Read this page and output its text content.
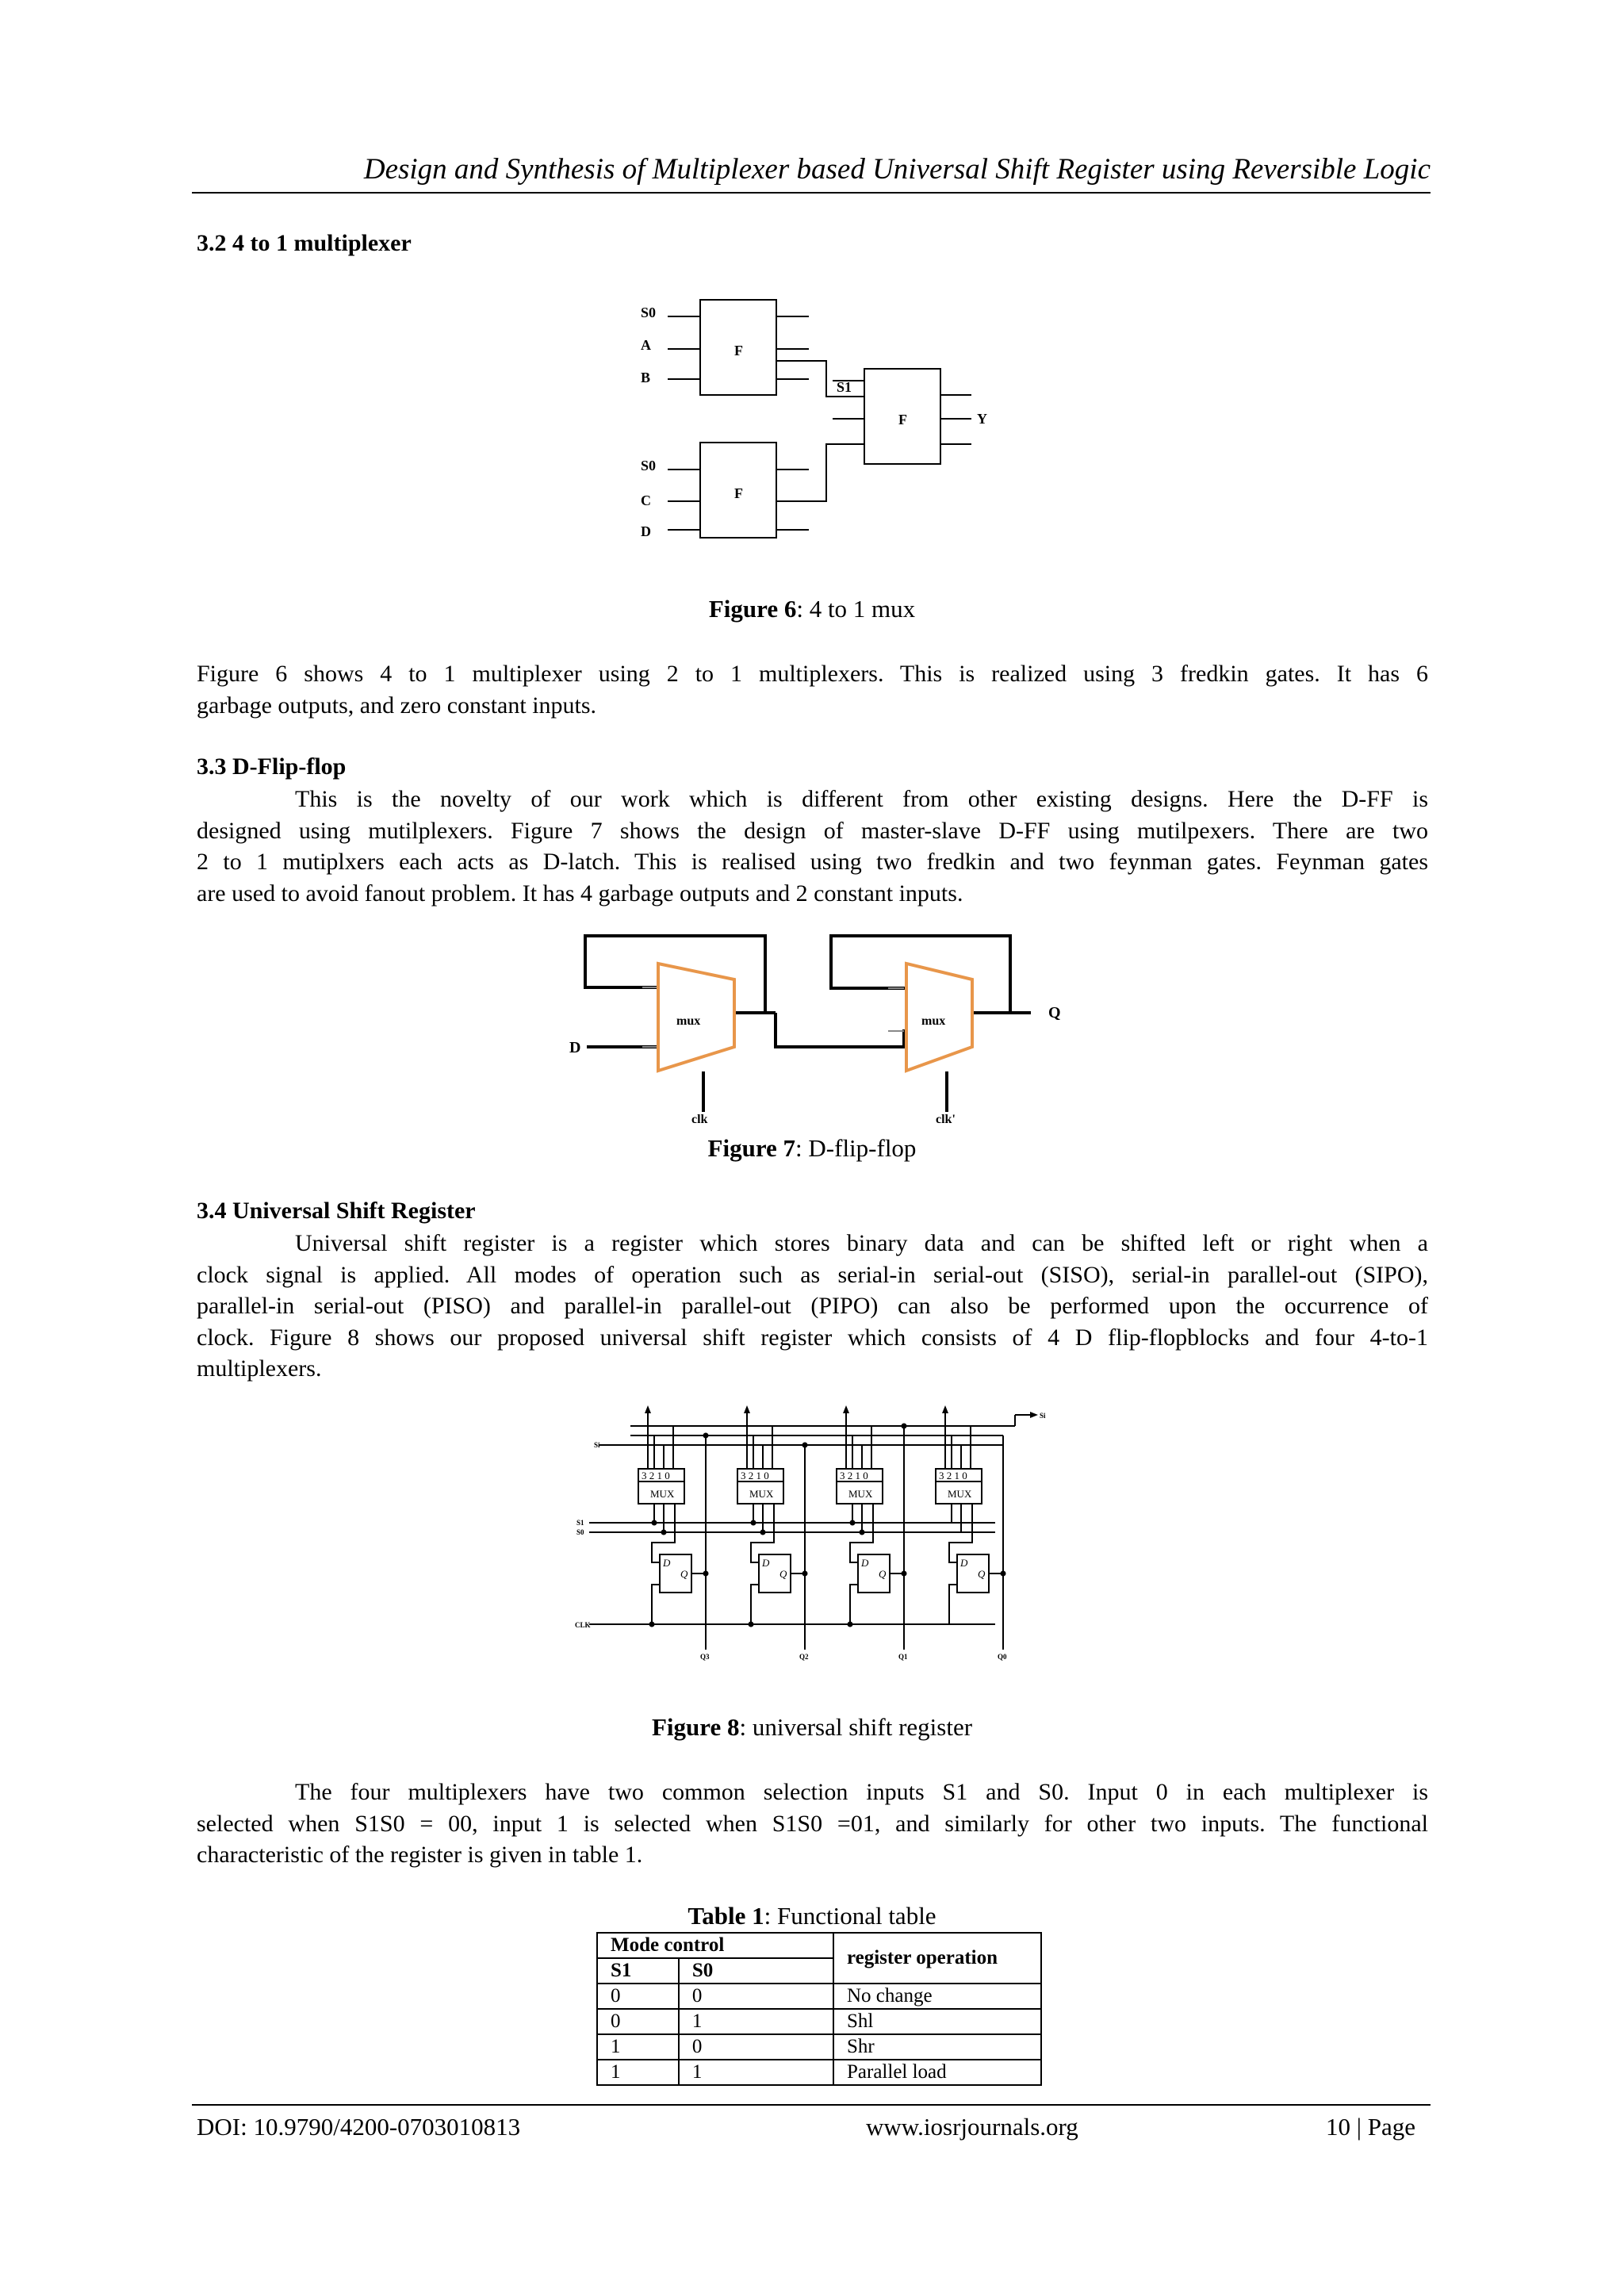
Design and Synthesis of Multiplexer based Universal Shift Register using Reversible Logic
3.2 4 to 1 multiplexer
S0
A
B
S1
Y
S0
C
D
F
F
F
Figure 6: 4 to 1 mux
Figure 6 shows 4 to 1 multiplexer using 2 to 1 multiplexers. This is realized using 3 fredkin gates. It has 6
garbage outputs, and zero constant inputs.
3.3 D-Flip-flop
This is the novelty of our work which is different from other existing designs. Here the D-FF is
designed using mutilplexers. Figure 7 shows the design of master-slave D-FF using mutilpexers. There are two
2 to 1 mutiplxers each acts as D-latch. This is realised using two fredkin and two feynman gates. Feynman gates
are used to avoid fanout problem. It has 4 garbage outputs and 2 constant inputs.
mux	mux
D
Q
clk	clk'
Figure 7: D-flip-flop
3.4 Universal Shift Register
Universal shift register is a register which stores binary data and can be shifted left or right when a
clock signal is applied. All modes of operation such as serial-in serial-out (SISO), serial-in parallel-out (SIPO),
parallel-in serial-out (PISO) and parallel-in parallel-out (PIPO) can also be performed upon the occurrence of
clock. Figure 8 shows our proposed universal shift register which consists of 4 D flip-flopblocks and four 4-to-1
multiplexers.
3 2 1 0	3 2 1 0	3 2 1 0	3 2 1 0
MUX	MUX	MUX	MUX
D	D	D	D
Q	Q	Q	Q
CLK
S1
S0
Si
Si
Q3	Q2	Q1	Q0
Figure 8: universal shift register
The four multiplexers have two common selection inputs S1 and S0. Input 0 in each multiplexer is
selected when S1S0 = 00, input 1 is selected when S1S0 =01, and similarly for other two inputs. The functional
characteristic of the register is given in table 1.
Table 1: Functional table
Mode control		register operation
S1	S0	
0	0	No change
0	1	Shl
1	0	Shr
1	1	Parallel load
DOI: 10.9790/4200-0703010813	www.iosrjournals.org	10 | Page
